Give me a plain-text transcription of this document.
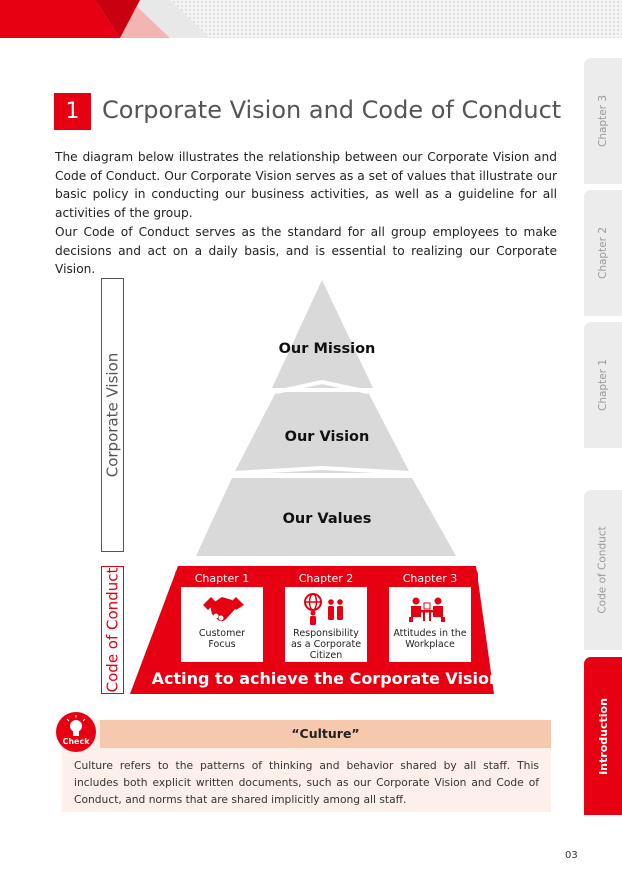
1 Corporate Vision and Code of Conduct

The diagram below illustrates the relationship between our Corporate Vision and Code of Conduct. Our Corporate Vision serves as a set of values that illustrate our basic policy in conducting our business activities, as well as a guideline for all activities of the group.

Our Code of Conduct serves as the standard for all group employees to make decisions and act on a daily basis, and is essential to realizing our Corporate Vision.

Corporate Vision
Code of Conduct
Our Mission
Our Vision
Our Values
Chapter 1	Chapter 2	Chapter 3
Acting to achieve the Corporate Vision
Customer Focus
Responsibility as a Corporate Citizen
Attitudes in the Workplace
“Culture”

Culture refers to the patterns of thinking and behavior shared by all staff. This includes both explicit written documents, such as our Corporate Vision and Code of Conduct, and norms that are shared implicitly among all staff.

Check
Chapter 3
Chapter 2
Chapter 1
Code of Conduct
Introduction
03
